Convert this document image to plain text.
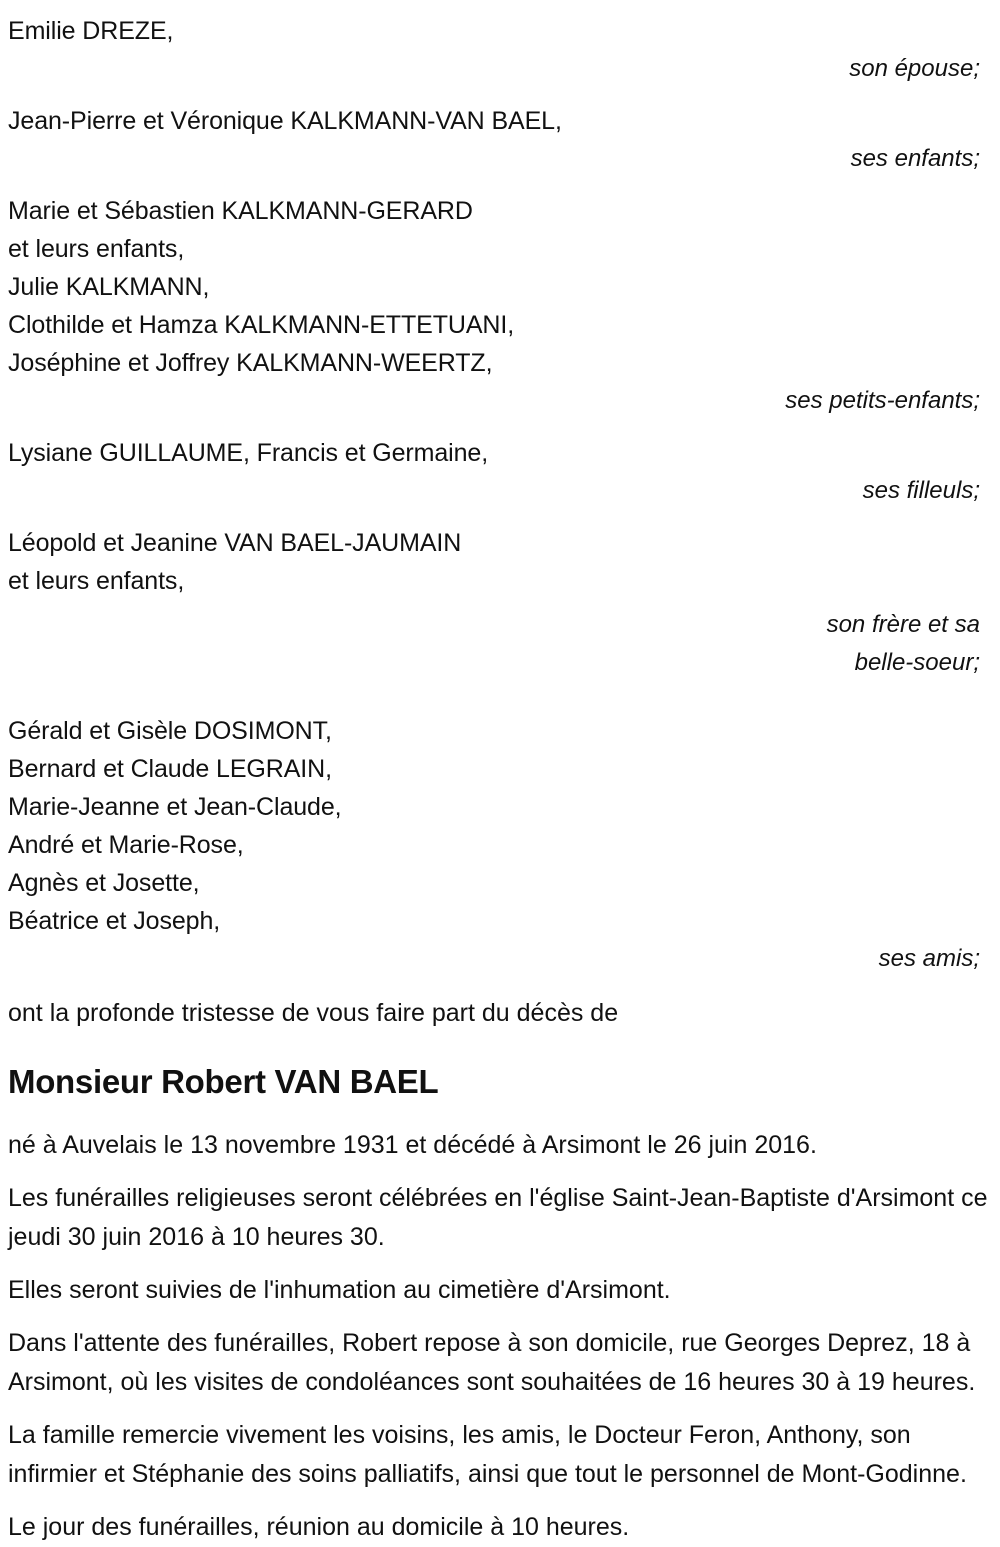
Emilie DREZE,
son épouse;
Jean-Pierre et Véronique KALKMANN-VAN BAEL,
ses enfants;
Marie et Sébastien KALKMANN-GERARD
et leurs enfants,
Julie KALKMANN,
Clothilde et Hamza KALKMANN-ETTETUANI,
Joséphine et Joffrey KALKMANN-WEERTZ,
ses petits-enfants;
Lysiane GUILLAUME, Francis et Germaine,
ses filleuls;
Léopold et Jeanine VAN BAEL-JAUMAIN
et leurs enfants,
son frère et sa
belle-soeur;
Gérald et Gisèle DOSIMONT,
Bernard et Claude LEGRAIN,
Marie-Jeanne et Jean-Claude,
André et Marie-Rose,
Agnès et Josette,
Béatrice et Joseph,
ses amis;

ont la profonde tristesse de vous faire part du décès de

Monsieur Robert VAN BAEL

né à Auvelais le 13 novembre 1931 et décédé à Arsimont le 26 juin 2016.

Les funérailles religieuses seront célébrées en l'église Saint-Jean-Baptiste d'Arsimont ce jeudi 30 juin 2016 à 10 heures 30.

Elles seront suivies de l'inhumation au cimetière d'Arsimont.

Dans l'attente des funérailles, Robert repose à son domicile, rue Georges Deprez, 18 à Arsimont, où les visites de condoléances sont souhaitées de 16 heures 30 à 19 heures.

La famille remercie vivement les voisins, les amis, le Docteur Feron, Anthony, son infirmier et Stéphanie des soins palliatifs, ainsi que tout le personnel de Mont-Godinne.

Le jour des funérailles, réunion au domicile à 10 heures.
